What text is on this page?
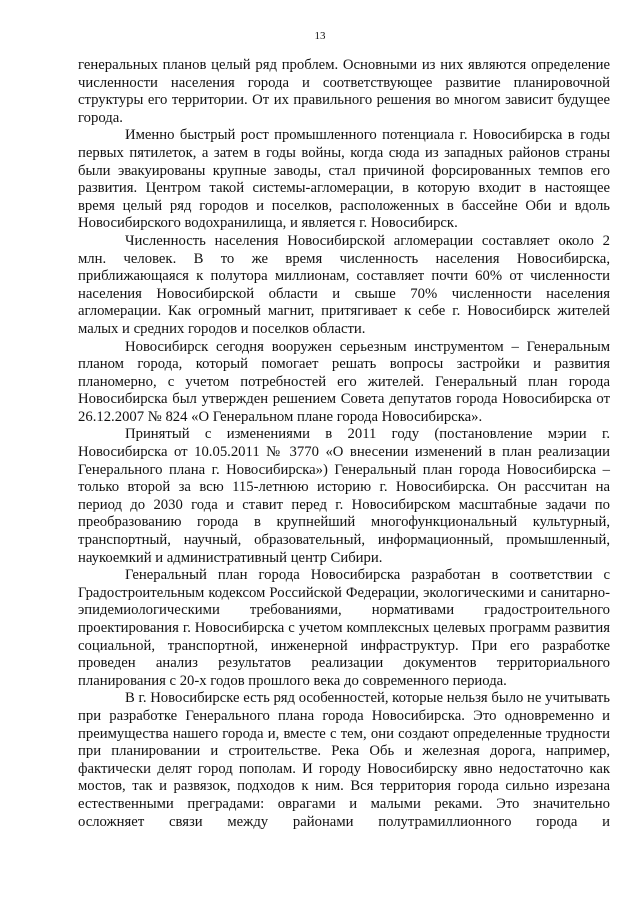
13

генеральных планов целый ряд проблем. Основными из них являются определение численности населения города и соответствующее развитие планировочной структуры его территории. От их правильного решения во многом зависит будущее города.

Именно быстрый рост промышленного потенциала г. Новосибирска в годы первых пятилеток, а затем в годы войны, когда сюда из западных районов страны были эвакуированы крупные заводы, стал причиной форсированных темпов его развития. Центром такой системы-агломерации, в которую входит в настоящее время целый ряд городов и поселков, расположенных в бассейне Оби и вдоль Новосибирского водохранилища, и является г. Новосибирск.

Численность населения Новосибирской агломерации составляет около 2 млн. человек. В то же время численность населения Новосибирска, приближающаяся к полутора миллионам, составляет почти 60% от численности населения Новосибирской области и свыше 70% численности населения агломерации. Как огромный магнит, притягивает к себе г. Новосибирск жителей малых и средних городов и поселков области.

Новосибирск сегодня вооружен серьезным инструментом – Генеральным планом города, который помогает решать вопросы застройки и развития планомерно, с учетом потребностей его жителей. Генеральный план города Новосибирска был утвержден решением Совета депутатов города Новосибирска от 26.12.2007 № 824 «О Генеральном плане города Новосибирска».

Принятый с изменениями в 2011 году (постановление мэрии г. Новосибирска от 10.05.2011 № 3770 «О внесении изменений в план реализации Генерального плана г. Новосибирска») Генеральный план города Новосибирска – только второй за всю 115-летнюю историю г. Новосибирска. Он рассчитан на период до 2030 года и ставит перед г. Новосибирском масштабные задачи по преобразованию города в крупнейший многофункциональный культурный, транспортный, научный, образовательный, информационный, промышленный, наукоемкий и административный центр Сибири.

Генеральный план города Новосибирска разработан в соответствии с Градостроительным кодексом Российской Федерации, экологическими и санитарно-эпидемиологическими требованиями, нормативами градостроительного проектирования г. Новосибирска с учетом комплексных целевых программ развития социальной, транспортной, инженерной инфраструктур. При его разработке проведен анализ результатов реализации документов территориального планирования с 20-х годов прошлого века до современного периода.

В г. Новосибирске есть ряд особенностей, которые нельзя было не учитывать при разработке Генерального плана города Новосибирска. Это одновременно и преимущества нашего города и, вместе с тем, они создают определенные трудности при планировании и строительстве. Река Обь и железная дорога, например, фактически делят город пополам. И городу Новосибирску явно недостаточно как мостов, так и развязок, подходов к ним. Вся территория города сильно изрезана естественными преградами: оврагами и малыми реками. Это значительно осложняет связи между районами полутрамиллионного города и
